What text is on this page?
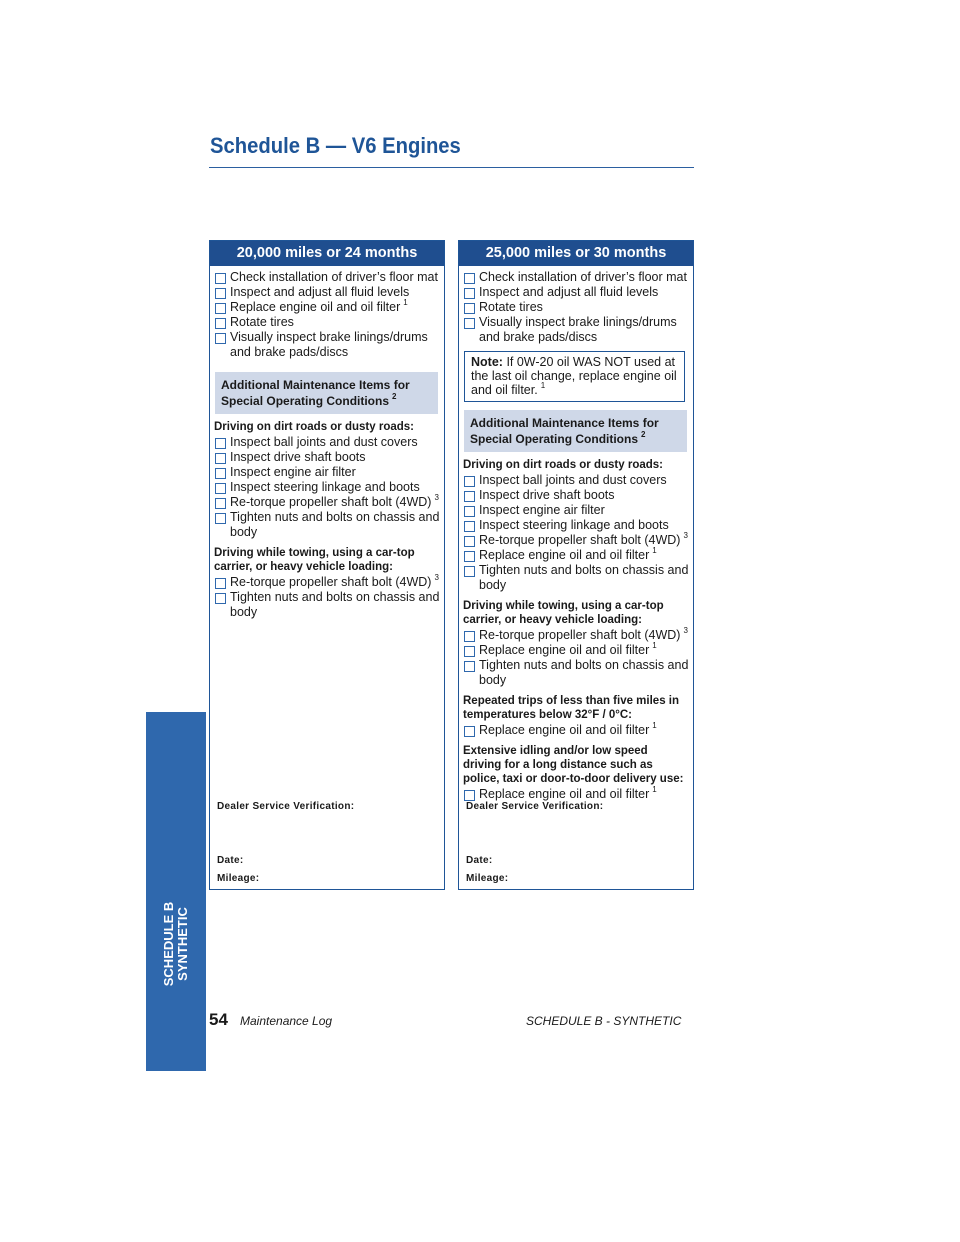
Schedule B — V6 Engines
SCHEDULE B SYNTHETIC
20,000 miles or 24 months
Check installation of driver’s floor mat
Inspect and adjust all fluid levels
Replace engine oil and oil filter $^1$
Rotate tires
Visually inspect brake linings/drums and brake pads/discs
Additional Maintenance Items for Special Operating Conditions $^2$
Driving on dirt roads or dusty roads:
Inspect ball joints and dust covers
Inspect drive shaft boots
Inspect engine air filter
Inspect steering linkage and boots
Re-torque propeller shaft bolt (4WD) $^3$
Tighten nuts and bolts on chassis and body
Driving while towing, using a car-top carrier, or heavy vehicle loading:
Re-torque propeller shaft bolt (4WD) $^3$
Tighten nuts and bolts on chassis and body
Dealer Service Verification:
Date:
Mileage:
25,000 miles or 30 months
Check installation of driver’s floor mat
Inspect and adjust all fluid levels
Rotate tires
Visually inspect brake linings/drums and brake pads/discs
Note: If 0W-20 oil WAS NOT used at the last oil change, replace engine oil and oil filter. $^1$
Additional Maintenance Items for Special Operating Conditions $^2$
Driving on dirt roads or dusty roads:
Inspect ball joints and dust covers
Inspect drive shaft boots
Inspect engine air filter
Inspect steering linkage and boots
Re-torque propeller shaft bolt (4WD) $^3$
Replace engine oil and oil filter $^1$
Tighten nuts and bolts on chassis and body
Driving while towing, using a car-top carrier, or heavy vehicle loading:
Re-torque propeller shaft bolt (4WD) $^3$
Replace engine oil and oil filter $^1$
Tighten nuts and bolts on chassis and body
Repeated trips of less than five miles in temperatures below 32°F / 0°C:
Replace engine oil and oil filter $^1$
Extensive idling and/or low speed driving for a long distance such as police, taxi or door-to-door delivery use:
Replace engine oil and oil filter $^1$
Dealer Service Verification:
Date:
Mileage:
54 Maintenance Log	SCHEDULE B - SYNTHETIC
